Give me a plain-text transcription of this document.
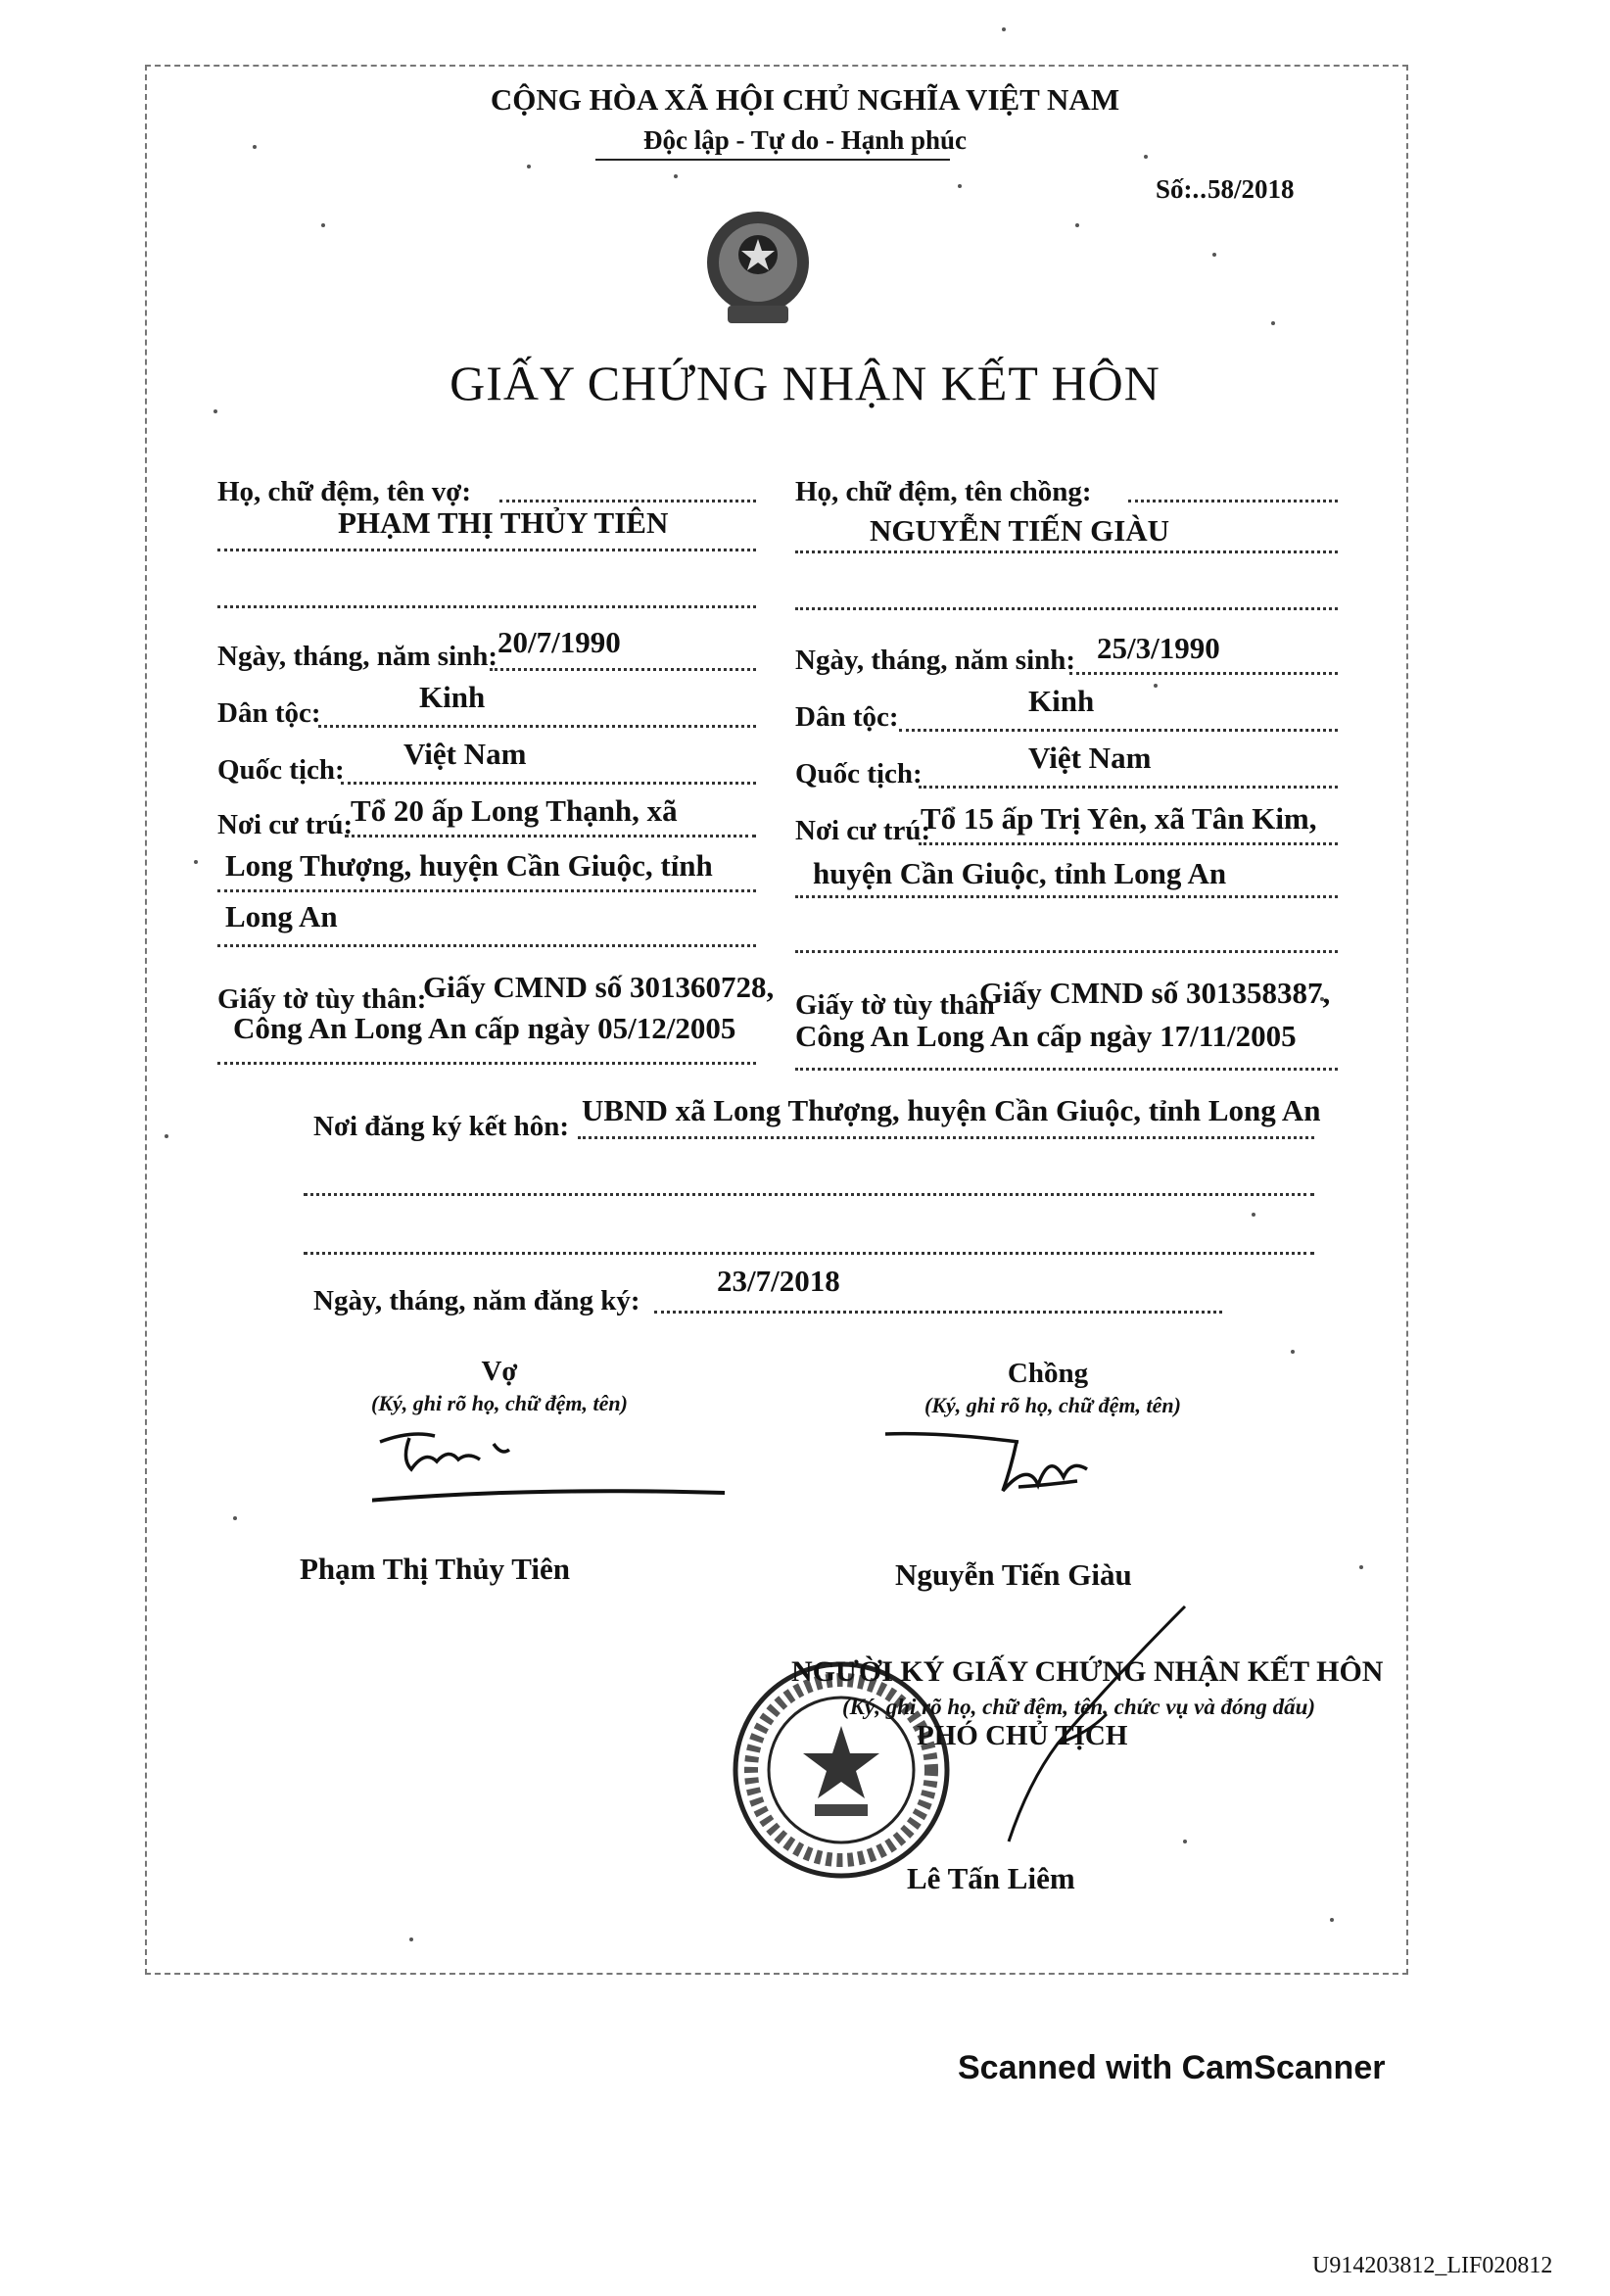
CỘNG HÒA XÃ HỘI CHỦ NGHĨA VIỆT NAM
Độc lập - Tự do - Hạnh phúc
Số:..58/2018
GIẤY CHỨNG NHẬN KẾT HÔN
Họ, chữ đệm, tên vợ:
PHẠM THỊ THỦY TIÊN
Ngày, tháng, năm sinh: 20/7/1990
Dân tộc:	Kinh
Quốc tịch: Việt Nam
Nơi cư trú:
Tổ 20 ấp Long Thạnh, xã
Long Thượng, huyện Cần Giuộc, tỉnh
Long An
Giấy tờ tùy thân:
Giấy CMND số 301360728,
Công An Long An cấp ngày 05/12/2005
Họ, chữ đệm, tên chồng:
NGUYỄN TIẾN GIÀU
Ngày, tháng, năm sinh: 25/3/1990
Dân tộc:	Kinh
Quốc tịch:	Việt Nam
Nơi cư trú:
Tổ 15 ấp Trị Yên, xã Tân Kim,
huyện Cần Giuộc, tỉnh Long An
Giấy tờ tùy thân
Giấy CMND số 301358387,
Công An Long An cấp ngày 17/11/2005
Nơi đăng ký kết hôn: UBND xã Long Thượng, huyện Cần Giuộc, tỉnh Long An
Ngày, tháng, năm đăng ký:
23/7/2018
Vợ
(Ký, ghi rõ họ, chữ đệm, tên)
Phạm Thị Thủy Tiên
Chồng
(Ký, ghi rõ họ, chữ đệm, tên)
Nguyễn Tiến Giàu
NGƯỜI KÝ GIẤY CHỨNG NHẬN KẾT HÔN
(Ký, ghi rõ họ, chữ đệm, tên, chức vụ và đóng dấu)
PHÓ CHỦ TỊCH
Lê Tấn Liêm
Scanned with CamScanner
U914203812_LIF020812
